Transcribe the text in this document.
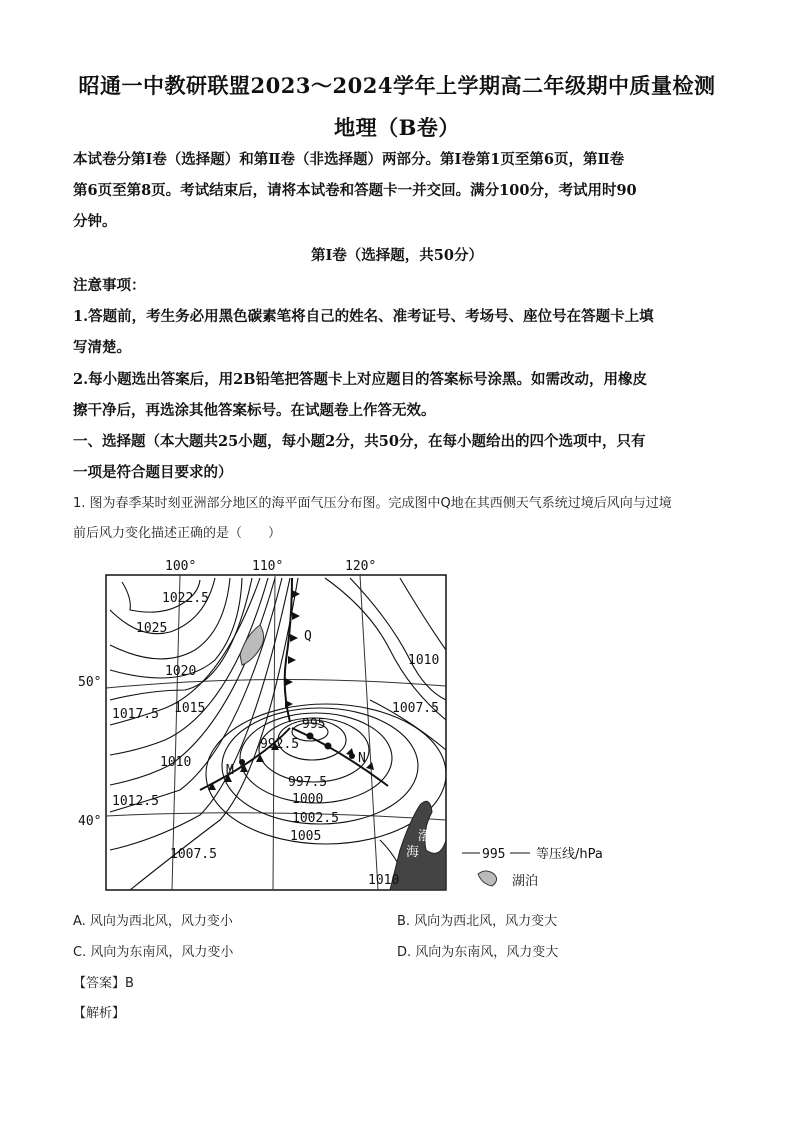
昭通一中教研联盟2023～2024学年上学期高二年级期中质量检测
地理（B卷）
本试卷分第Ⅰ卷（选择题）和第Ⅱ卷（非选择题）两部分。第Ⅰ卷第1页至第6页，第Ⅱ卷
第6页至第8页。考试结束后，请将本试卷和答题卡一并交回。满分100分，考试用时90
分钟。
第Ⅰ卷（选择题，共50分）
注意事项：
1.答题前，考生务必用黑色碳素笔将自己的姓名、准考证号、考场号、座位号在答题卡上填
写清楚。
2.每小题选出答案后，用2B铅笔把答题卡上对应题目的答案标号涂黑。如需改动，用橡皮
擦干净后，再选涂其他答案标号。在试题卷上作答无效。
一、选择题（本大题共25小题，每小题2分，共50分，在每小题给出的四个选项中，只有
一项是符合题目要求的）
1. 图为春季某时刻亚洲部分地区的海平面气压分布图。完成图中Q地在其西侧天气系统过境后风向与过境
前后风力变化描述正确的是（　　）
100°	110°	120°
50°
40°
渤
海
M
N
Q
1022.5
1025
1020
1015
1017.5
1010
1012.5
1007.5
995
992.5
997.5
1000
1002.5
1005
1010
1007.5
1010
995 等压线/hPa
湖泊
A. 风向为西北风，风力变小	B. 风向为西北风，风力变大
C. 风向为东南风，风力变小	D. 风向为东南风，风力变大
【答案】B
【解析】
